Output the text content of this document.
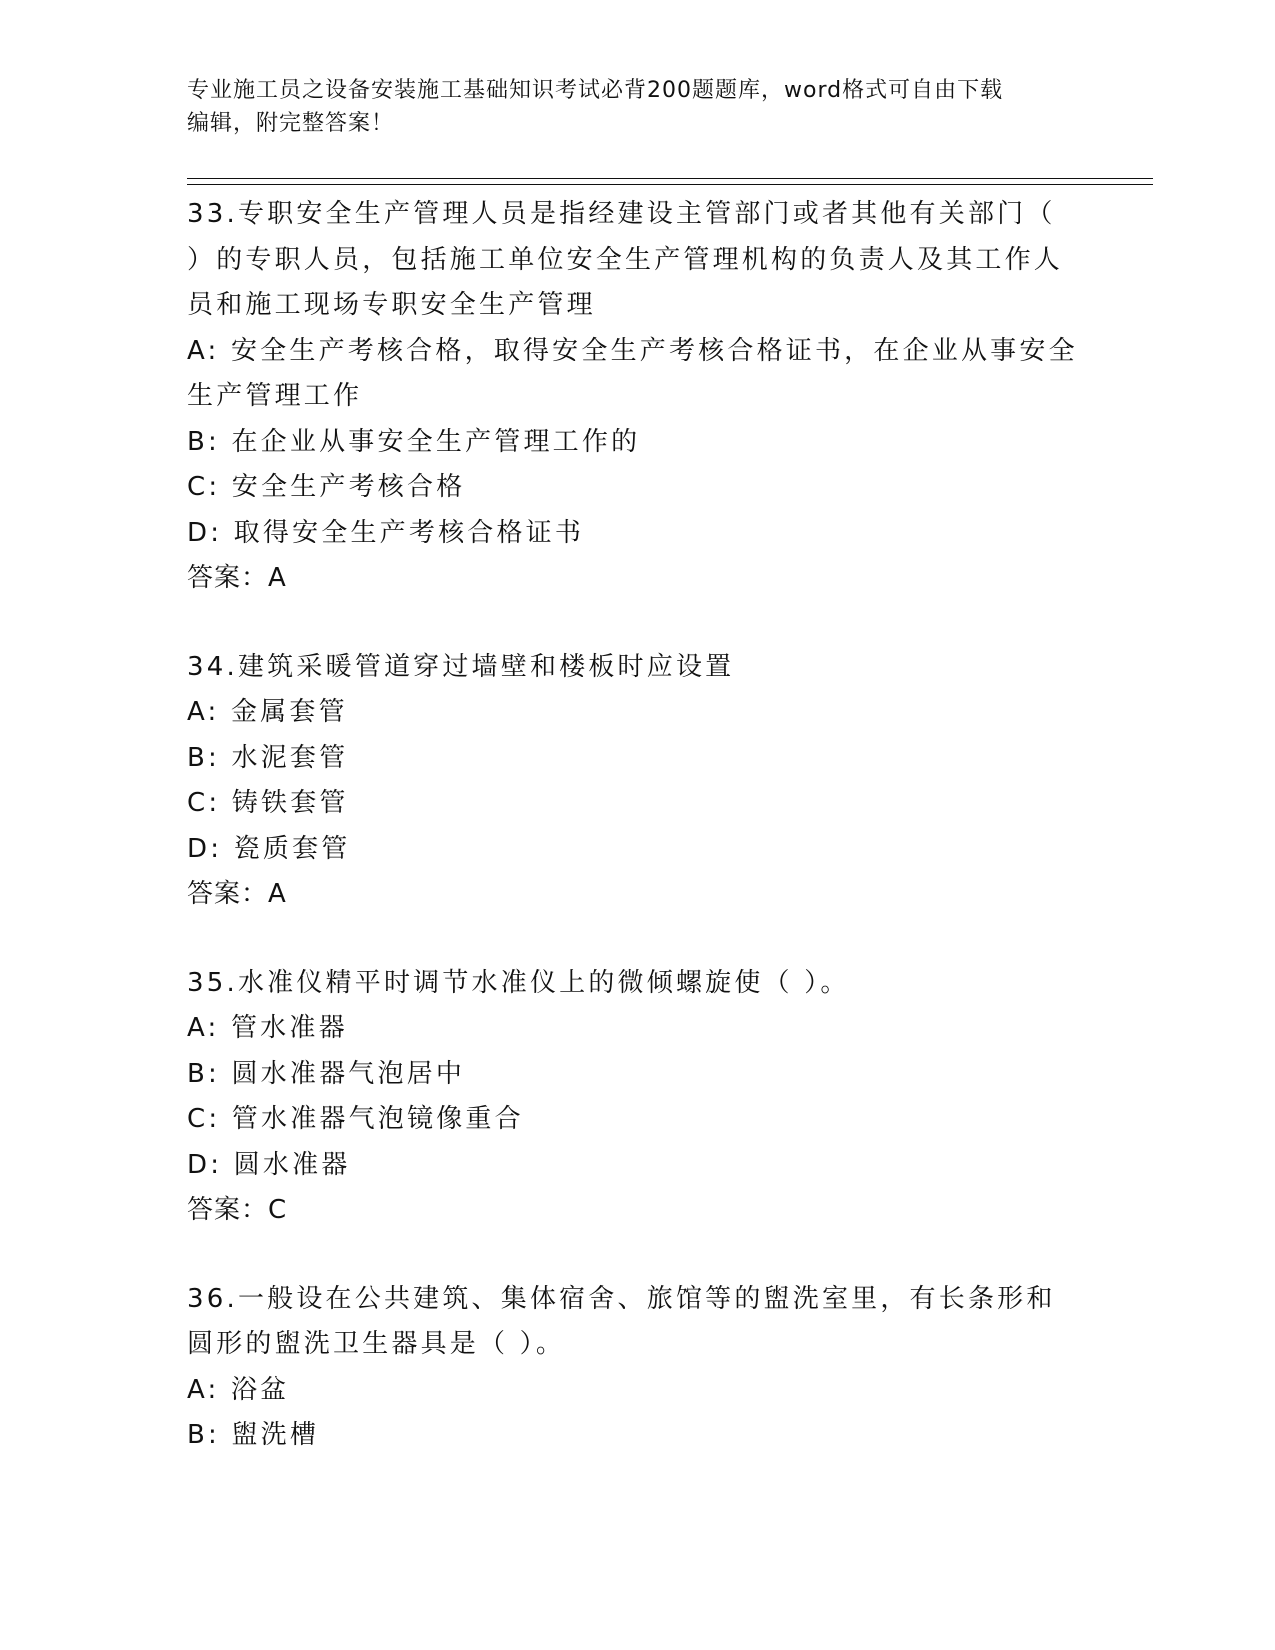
专业施工员之设备安装施工基础知识考试必背200题题库，word格式可自由下载
编辑，附完整答案！

33.专职安全生产管理人员是指经建设主管部门或者其他有关部门（ ）的专职人员，包括施工单位安全生产管理机构的负责人及其工作人员和施工现场专职安全生产管理

A: 安全生产考核合格，取得安全生产考核合格证书，在企业从事安全生产管理工作

B: 在企业从事安全生产管理工作的

C: 安全生产考核合格

D: 取得安全生产考核合格证书

答案：A

34.建筑采暖管道穿过墙壁和楼板时应设置

A: 金属套管

B: 水泥套管

C: 铸铁套管

D: 瓷质套管

答案：A

35.水准仪精平时调节水准仪上的微倾螺旋使（ ）。

A: 管水准器

B: 圆水准器气泡居中

C: 管水准器气泡镜像重合

D: 圆水准器

答案：C

36.一般设在公共建筑、集体宿舍、旅馆等的盥洗室里，有长条形和圆形的盥洗卫生器具是（ ）。

A: 浴盆

B: 盥洗槽
